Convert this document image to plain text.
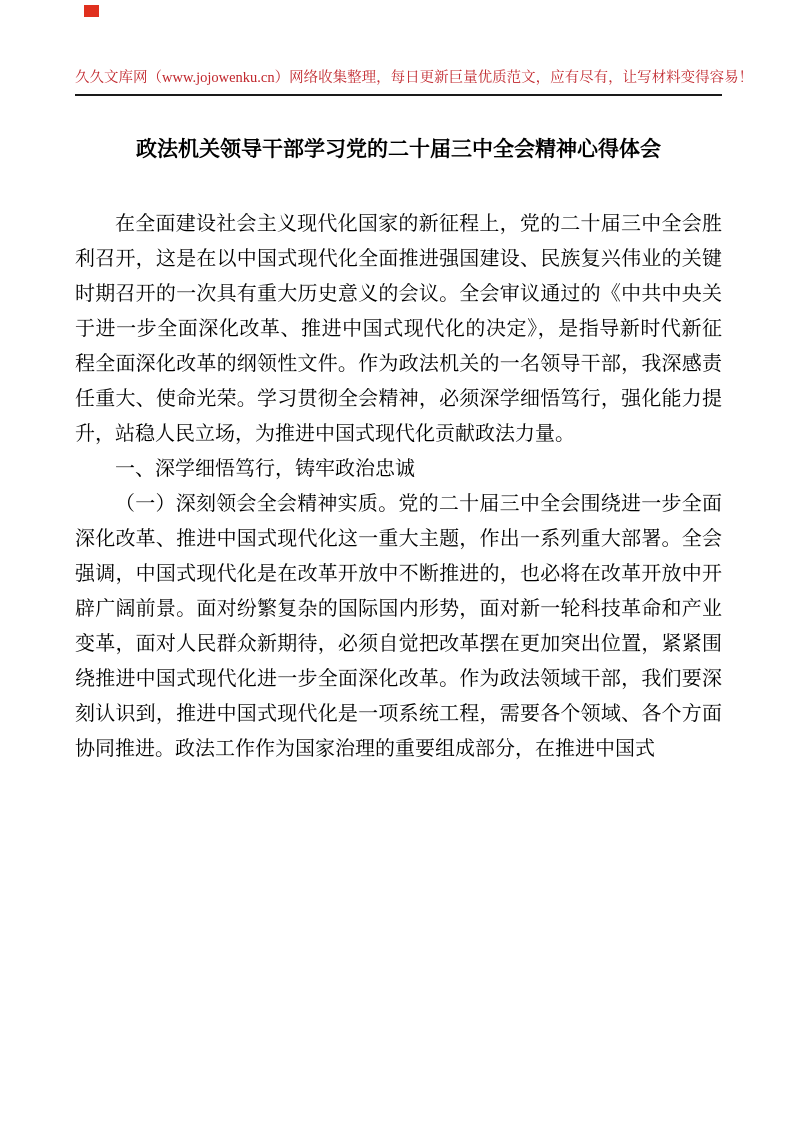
久久文库网（www.jojowenku.cn）网络收集整理，每日更新巨量优质范文，应有尽有，让写材料变得容易！
政法机关领导干部学习党的二十届三中全会精神心得体会

在全面建设社会主义现代化国家的新征程上，党的二十届三中全会胜利召开，这是在以中国式现代化全面推进强国建设、民族复兴伟业的关键时期召开的一次具有重大历史意义的会议。全会审议通过的《中共中央关于进一步全面深化改革、推进中国式现代化的决定》，是指导新时代新征程全面深化改革的纲领性文件。作为政法机关的一名领导干部，我深感责任重大、使命光荣。学习贯彻全会精神，必须深学细悟笃行，强化能力提升，站稳人民立场，为推进中国式现代化贡献政法力量。

一、深学细悟笃行，铸牢政治忠诚

（一）深刻领会全会精神实质。党的二十届三中全会围绕进一步全面深化改革、推进中国式现代化这一重大主题，作出一系列重大部署。全会强调，中国式现代化是在改革开放中不断推进的，也必将在改革开放中开辟广阔前景。面对纷繁复杂的国际国内形势，面对新一轮科技革命和产业变革，面对人民群众新期待，必须自觉把改革摆在更加突出位置，紧紧围绕推进中国式现代化进一步全面深化改革。作为政法领域干部，我们要深刻认识到，推进中国式现代化是一项系统工程，需要各个领域、各个方面协同推进。政法工作作为国家治理的重要组成部分，在推进中国式
